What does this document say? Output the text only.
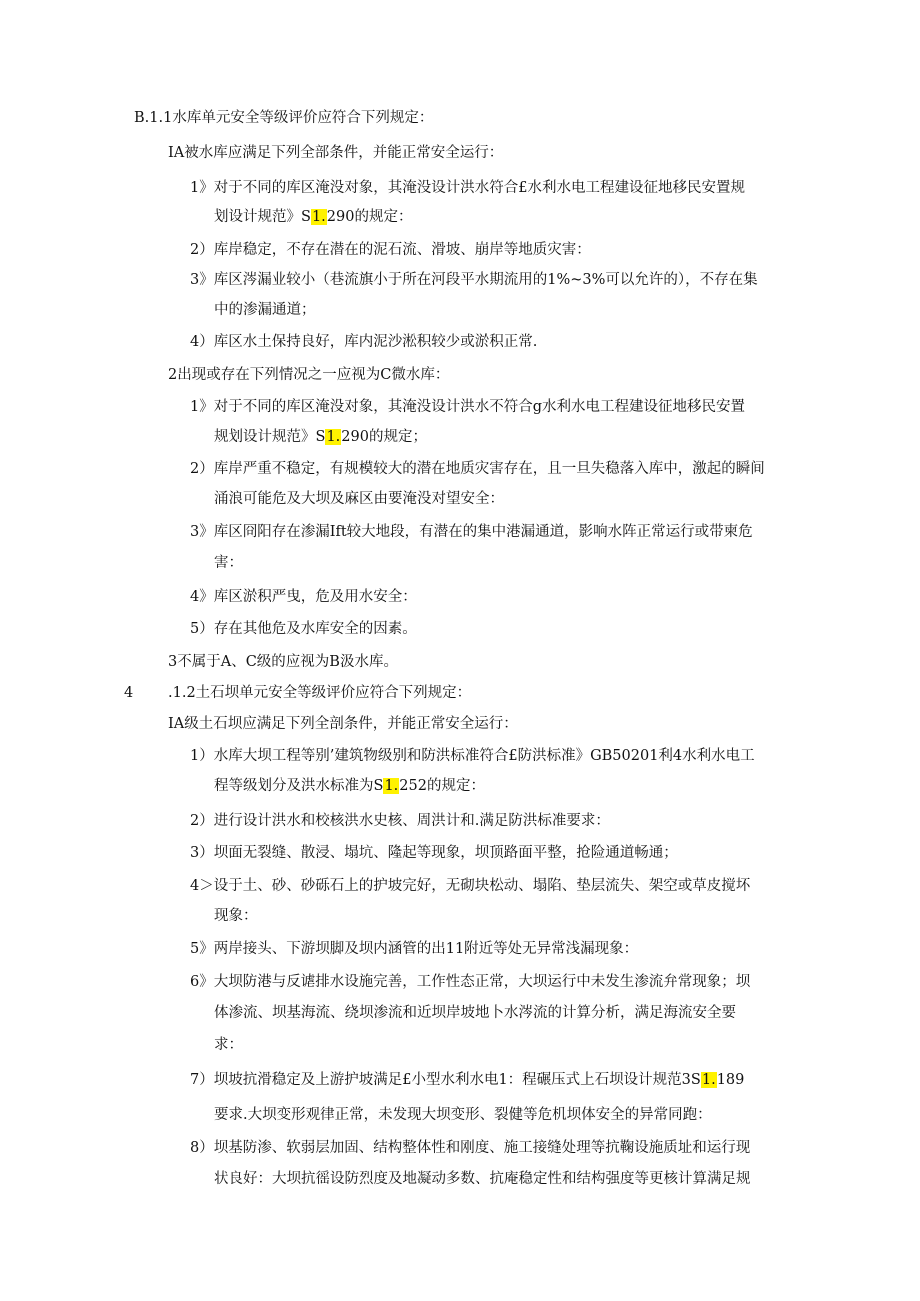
B.1.1水库单元安全等级评价应符合下列规定：
IA被水库应满足下列全部条件，并能正常安全运行：
1》对于不同的库区淹没对象，其淹没设计洪水符合£水利水电工程建设征地移民安置规
划设计规范》S1.290的规定：
2）库岸稳定，不存在潜在的泥石流、滑坡、崩岸等地质灾害：
3》库区涔漏业较小（巷流旗小于所在河段平水期流用的1%~3%可以允许的），不存在集
中的渗漏通道；
4）库区水土保持良好，库内泥沙淞积较少或淤积正常.
2出现或存在下列情况之一应视为C微水库：
1》对于不同的库区淹没对象，其淹没设计洪水不符合g水利水电工程建设征地移民安置
规划设计规范》S1.290的规定；
2）库岸严重不稳定，有规模较大的潜在地质灾害存在，且一旦失稳落入库中，激起的瞬间
涌浪可能危及大坝及麻区由要淹没对望安全：
3》库区冏阳存在渗漏Ift较大地段，有潜在的集中港漏通道，影响水阵正常运行或带柬危
害：
4》库区淤积严曳，危及用水安全：
5）存在其他危及水库安全的因素。
3不属于A、C级的应视为B汲水库。
4 .1.2土石坝单元安全等级评价应符合下列规定：
IA级土石坝应满足下列全剖条件，并能正常安全运行：
1）水库大坝工程等别’建筑物级别和防洪标准符合£防洪标准》GB50201利4水利水电工
程等级划分及洪水标准为S1.252的规定：
2）进行设计洪水和校核洪水史核、周洪计和.满足防洪标准要求：
3）坝面无裂缝、散浸、塌坑、隆起等现象，坝顶路面平整，抢险通道畅通；
4＞设于土、砂、砂砾石上的护坡完好，无砌块松动、塌陷、垫层流失、架空或草皮搅坏
现象：
5》两岸接头、下游坝脚及坝内涵管的出11附近等处无异常浅漏现象：
6》大坝防港与反谑排水设施完善，工作性态正常，大坝运行中未发生渗流弁常现象；坝
体渗流、坝基海流、绕坝渗流和近坝岸坡地卜水涔流的计算分析，满足海流安全要
求：
7）坝坡抗滑稳定及上游护坡满足£小型水利水电1：程碾压式上石坝设计规范3S1.189
要求.大坝变形观律正常，未发现大坝变形、裂健等危机坝体安全的异常同跑：
8）坝基防渗、软弱层加固、结构整体性和刚度、施工接缝处理等抗鞠设施质址和运行现
状良好：大坝抗徭设防烈度及地凝动多数、抗庵稳定性和结构强度等更核计算满足规
